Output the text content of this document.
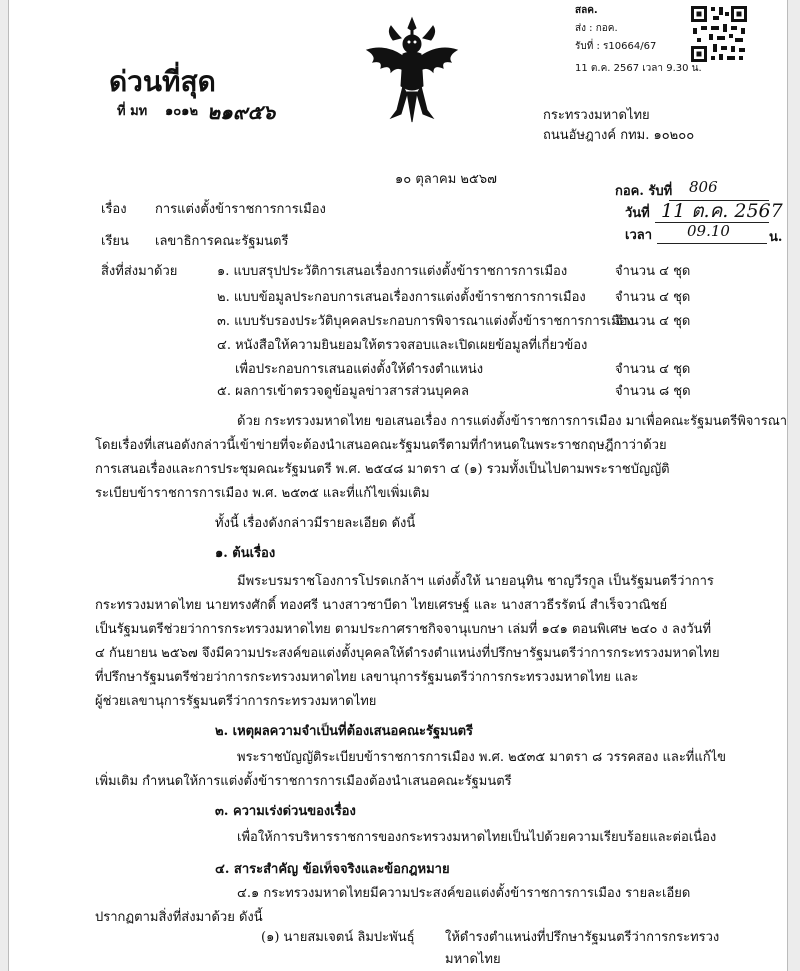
สลค.
ส่ง : กอค.
รับที่ : ร10664/67
11 ต.ค. 2567 เวลา 9.30 น.
ด่วนที่สุด
ที่ มท ๑๐๑๒ ๒๑๙๕๖	กระทรวงมหาดไทย
ถนนอัษฎางค์ กทม. ๑๐๒๐๐
๑๐ ตุลาคม ๒๕๖๗
เรื่อง การแต่งตั้งข้าราชการการเมือง
เรียน เลขาธิการคณะรัฐมนตรี
กอค. รับที่ 806
วันที่ 11 ต.ค. 2567
เวลา 09.10	น.
สิ่งที่ส่งมาด้วย	๑. แบบสรุปประวัติการเสนอเรื่องการแต่งตั้งข้าราชการการเมือง	จำนวน ๔ ชุด
๒. แบบข้อมูลประกอบการเสนอเรื่องการแต่งตั้งข้าราชการการเมือง จำนวน ๔ ชุด
๓. แบบรับรองประวัติบุคคลประกอบการพิจารณาแต่งตั้งข้าราชการการเมือง
จำนวน ๔ ชุด
๔. หนังสือให้ความยินยอมให้ตรวจสอบและเปิดเผยข้อมูลที่เกี่ยวข้อง
เพื่อประกอบการเสนอแต่งตั้งให้ดำรงตำแหน่ง	จำนวน ๔ ชุด
๕. ผลการเข้าตรวจดูข้อมูลข่าวสารส่วนบุคคล	จำนวน ๘ ชุด
ด้วย กระทรวงมหาดไทย ขอเสนอเรื่อง การแต่งตั้งข้าราชการการเมือง มาเพื่อคณะรัฐมนตรีพิจารณา
โดยเรื่องที่เสนอดังกล่าวนี้เข้าข่ายที่จะต้องนำเสนอคณะรัฐมนตรีตามที่กำหนดในพระราชกฤษฎีกาว่าด้วย
การเสนอเรื่องและการประชุมคณะรัฐมนตรี พ.ศ. ๒๕๔๘ มาตรา ๔ (๑) รวมทั้งเป็นไปตามพระราชบัญญัติ
ระเบียบข้าราชการการเมือง พ.ศ. ๒๕๓๕ และที่แก้ไขเพิ่มเติม
ทั้งนี้ เรื่องดังกล่าวมีรายละเอียด ดังนี้
๑. ต้นเรื่อง
มีพระบรมราชโองการโปรดเกล้าฯ แต่งตั้งให้ นายอนุทิน ชาญวีรกูล เป็นรัฐมนตรีว่าการ
กระทรวงมหาดไทย นายทรงศักดิ์ ทองศรี นางสาวซาบีดา ไทยเศรษฐ์ และ นางสาวธีรรัตน์ สำเร็จวาณิชย์
เป็นรัฐมนตรีช่วยว่าการกระทรวงมหาดไทย ตามประกาศราชกิจจานุเบกษา เล่มที่ ๑๔๑ ตอนพิเศษ ๒๔๐ ง ลงวันที่
๔ กันยายน ๒๕๖๗ จึงมีความประสงค์ขอแต่งตั้งบุคคลให้ดำรงตำแหน่งที่ปรึกษารัฐมนตรีว่าการกระทรวงมหาดไทย
ที่ปรึกษารัฐมนตรีช่วยว่าการกระทรวงมหาดไทย เลขานุการรัฐมนตรีว่าการกระทรวงมหาดไทย และ
ผู้ช่วยเลขานุการรัฐมนตรีว่าการกระทรวงมหาดไทย
๒. เหตุผลความจำเป็นที่ต้องเสนอคณะรัฐมนตรี
พระราชบัญญัติระเบียบข้าราชการการเมือง พ.ศ. ๒๕๓๕ มาตรา ๘ วรรคสอง และที่แก้ไข
เพิ่มเติม กำหนดให้การแต่งตั้งข้าราชการการเมืองต้องนำเสนอคณะรัฐมนตรี
๓. ความเร่งด่วนของเรื่อง
เพื่อให้การบริหารราชการของกระทรวงมหาดไทยเป็นไปด้วยความเรียบร้อยและต่อเนื่อง
๔. สาระสำคัญ ข้อเท็จจริงและข้อกฎหมาย
๔.๑ กระทรวงมหาดไทยมีความประสงค์ขอแต่งตั้งข้าราชการการเมือง รายละเอียด
ปรากฏตามสิ่งที่ส่งมาด้วย ดังนี้
(๑) นายสมเจตน์ ลิมปะพันธุ์ ให้ดำรงตำแหน่งที่ปรึกษารัฐมนตรีว่าการกระทรวง
มหาดไทย
